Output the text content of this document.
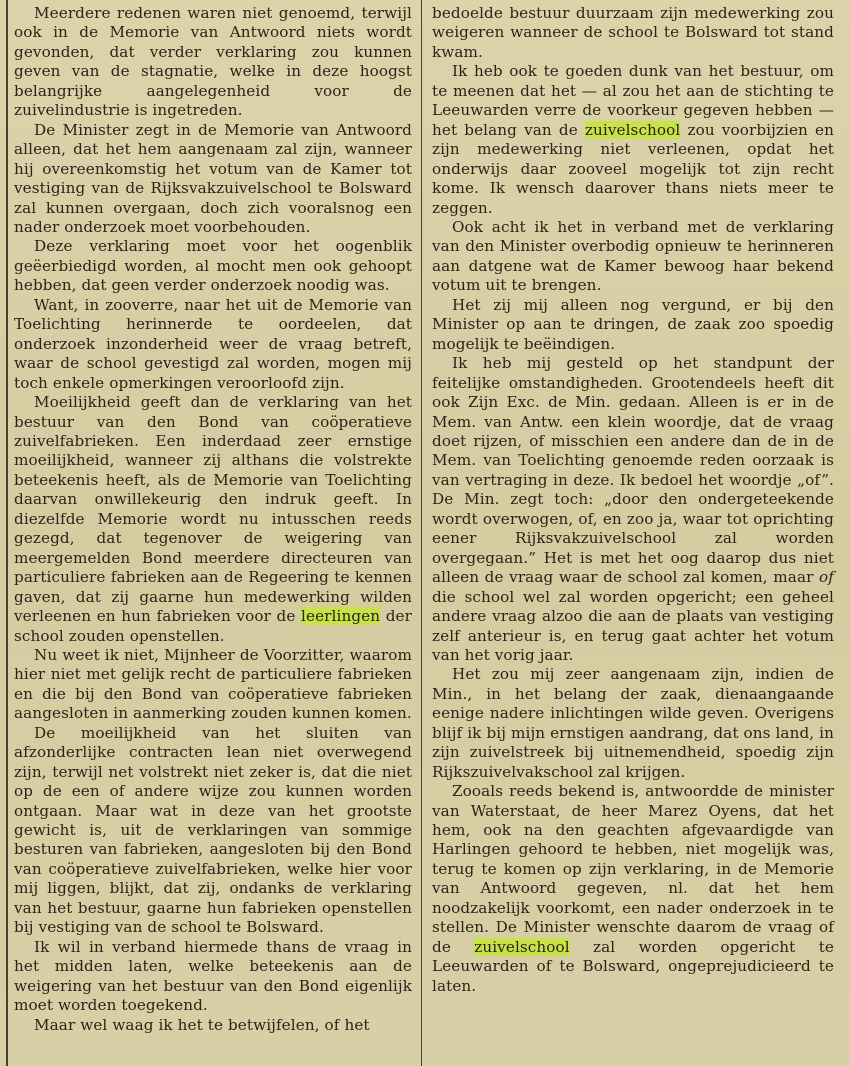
Meerdere redenen waren niet genoemd, terwijl ook in de Memorie van Antwoord niets wordt gevonden, dat verder verklaring zou kunnen geven van de stagnatie, welke in deze hoogst belangrijke aangelegenheid voor de zuivelindustrie is ingetreden.

De Minister zegt in de Memorie van Antwoord alleen, dat het hem aangenaam zal zijn, wanneer hij overeenkomstig het votum van de Kamer tot vestiging van de Rijksvakzuivelschool te Bolsward zal kunnen overgaan, doch zich vooralsnog een nader onderzoek moet voorbehouden.

Deze verklaring moet voor het oogenblik geëerbiedigd worden, al mocht men ook gehoopt hebben, dat geen verder onderzoek noodig was.

Want, in zooverre, naar het uit de Memorie van Toelichting herinnerde te oordeelen, dat onderzoek inzonderheid weer de vraag betreft, waar de school gevestigd zal worden, mogen mij toch enkele opmerkingen veroorloofd zijn.

Moeilijkheid geeft dan de verklaring van het bestuur van den Bond van coöperatieve zuivelfabrieken. Een inderdaad zeer ernstige moeilijkheid, wanneer zij althans die volstrekte beteekenis heeft, als de Memorie van Toelichting daarvan onwillekeurig den indruk geeft. In diezelfde Memorie wordt nu intusschen reeds gezegd, dat tegenover de weigering van meergemelden Bond meerdere directeuren van particuliere fabrieken aan de Regeering te kennen gaven, dat zij gaarne hun medewerking wilden verleenen en hun fabrieken voor de leerlingen der school zouden openstellen.

Nu weet ik niet, Mijnheer de Voorzitter, waarom hier niet met gelijk recht de particuliere fabrieken en die bij den Bond van coöperatieve fabrieken aangesloten in aanmerking zouden kunnen komen.

De moeilijkheid van het sluiten van afzonderlijke contracten lean niet overwegend zijn, terwijl net volstrekt niet zeker is, dat die niet op de een of andere wijze zou kunnen worden ontgaan. Maar wat in deze van het grootste gewicht is, uit de verklaringen van sommige besturen van fabrieken, aangesloten bij den Bond van coöperatieve zuivelfabrieken, welke hier voor mij liggen, blijkt, dat zij, ondanks de verklaring van het bestuur, gaarne hun fabrieken openstellen bij vestiging van de school te Bolsward.

Ik wil in verband hiermede thans de vraag in het midden laten, welke beteekenis aan de weigering van het bestuur van den Bond eigenlijk moet worden toegekend.

Maar wel waag ik het te betwijfelen, of het

bedoelde bestuur duurzaam zijn medewerking zou weigeren wanneer de school te Bolsward tot stand kwam.

Ik heb ook te goeden dunk van het bestuur, om te meenen dat het — al zou het aan de stichting te Leeuwarden verre de voorkeur gegeven hebben — het belang van de zuivelschool zou voorbijzien en zijn medewerking niet verleenen, opdat het onderwijs daar zooveel mogelijk tot zijn recht kome. Ik wensch daarover thans niets meer te zeggen.

Ook acht ik het in verband met de verklaring van den Minister overbodig opnieuw te herinneren aan datgene wat de Kamer bewoog haar bekend votum uit te brengen.

Het zij mij alleen nog vergund, er bij den Minister op aan te dringen, de zaak zoo spoedig mogelijk te beëindigen.

Ik heb mij gesteld op het standpunt der feitelijke omstandigheden. Grootendeels heeft dit ook Zijn Exc. de Min. gedaan. Alleen is er in de Mem. van Antw. een klein woordje, dat de vraag doet rijzen, of misschien een andere dan de in de Mem. van Toelichting genoemde reden oorzaak is van vertraging in deze. Ik bedoel het woordje „of”. De Min. zegt toch: „door den ondergeteekende wordt overwogen, of, en zoo ja, waar tot oprichting eener Rijksvakzuivelschool zal worden overgegaan.” Het is met het oog daarop dus niet alleen de vraag waar de school zal komen, maar of die school wel zal worden opgericht; een geheel andere vraag alzoo die aan de plaats van vestiging zelf anterieur is, en terug gaat achter het votum van het vorig jaar.

Het zou mij zeer aangenaam zijn, indien de Min., in het belang der zaak, dienaangaande eenige nadere inlichtingen wilde geven. Overigens blijf ik bij mijn ernstigen aandrang, dat ons land, in zijn zuivelstreek bij uitnemendheid, spoedig zijn Rijkszuivelvakschool zal krijgen.

Zooals reeds bekend is, antwoordde de minister van Waterstaat, de heer Marez Oyens, dat het hem, ook na den geachten afgevaardigde van Harlingen gehoord te hebben, niet mogelijk was, terug te komen op zijn verklaring, in de Memorie van Antwoord gegeven, nl. dat het hem noodzakelijk voorkomt, een nader onderzoek in te stellen. De Minister wenschte daarom de vraag of de zuivelschool zal worden opgericht te Leeuwarden of te Bolsward, ongeprejudicieerd te laten.
